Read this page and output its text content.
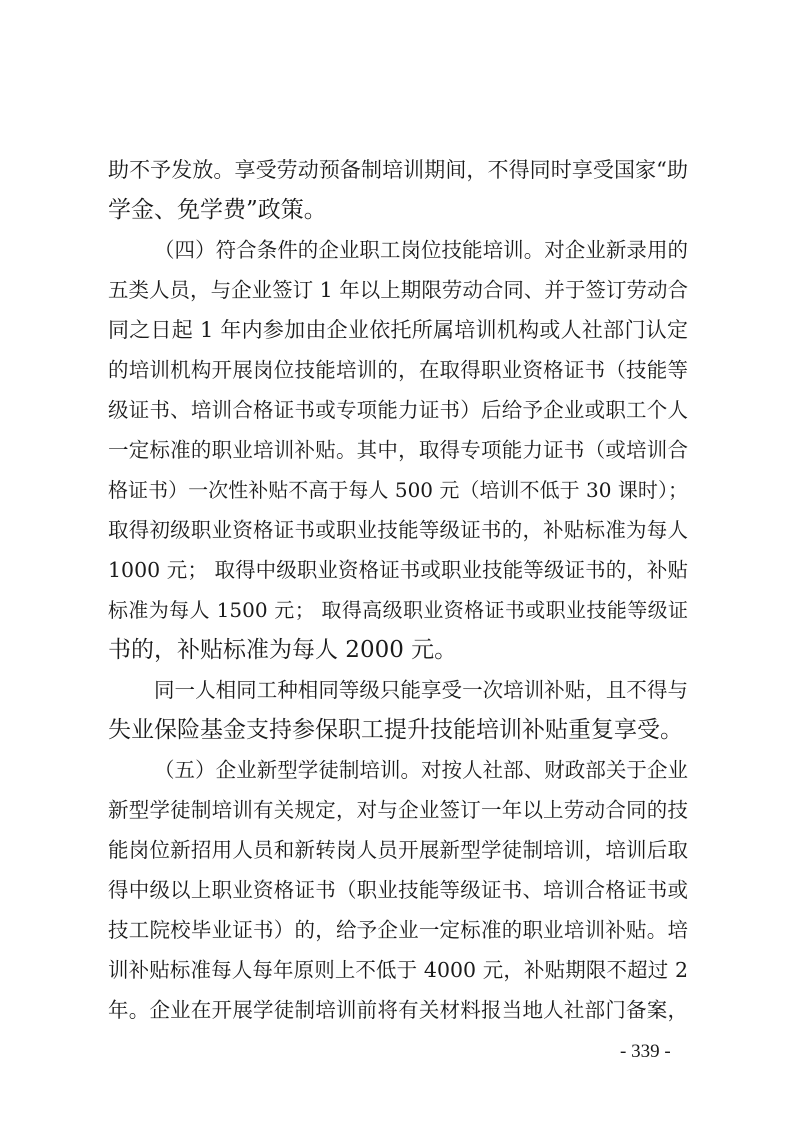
助不予发放。享受劳动预备制培训期间，不得同时享受国家“助
学金、免学费”政策。
（四）符合条件的企业职工岗位技能培训。对企业新录用的
五类人员，与企业签订 1 年以上期限劳动合同、并于签订劳动合
同之日起 1 年内参加由企业依托所属培训机构或人社部门认定
的培训机构开展岗位技能培训的，在取得职业资格证书（技能等
级证书、培训合格证书或专项能力证书）后给予企业或职工个人
一定标准的职业培训补贴。其中，取得专项能力证书（或培训合
格证书）一次性补贴不高于每人 500 元（培训不低于 30 课时）；
取得初级职业资格证书或职业技能等级证书的，补贴标准为每人
1000 元； 取得中级职业资格证书或职业技能等级证书的，补贴
标准为每人 1500 元； 取得高级职业资格证书或职业技能等级证
书的，补贴标准为每人 2000 元。
同一人相同工种相同等级只能享受一次培训补贴，且不得与
失业保险基金支持参保职工提升技能培训补贴重复享受。
（五）企业新型学徒制培训。对按人社部、财政部关于企业
新型学徒制培训有关规定，对与企业签订一年以上劳动合同的技
能岗位新招用人员和新转岗人员开展新型学徒制培训，培训后取
得中级以上职业资格证书（职业技能等级证书、培训合格证书或
技工院校毕业证书）的，给予企业一定标准的职业培训补贴。培
训补贴标准每人每年原则上不低于 4000 元，补贴期限不超过 2
年。企业在开展学徒制培训前将有关材料报当地人社部门备案，
- 339 -
